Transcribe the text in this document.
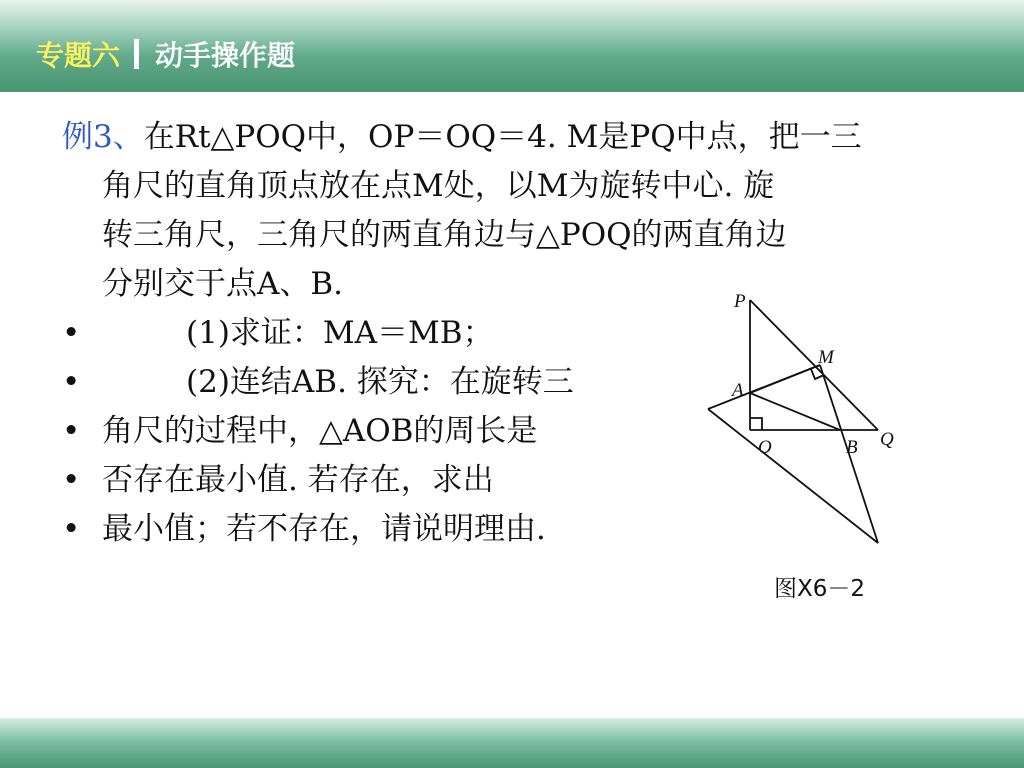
专题六 动手操作题

例3、在Rt△POQ中，OP＝OQ＝4. M是PQ中点，把一三

角尺的直角顶点放在点M处，以M为旋转中心. 旋

转三角尺，三角尺的两直角边与△POQ的两直角边

分别交于点A、B.

•	(1)求证：MA＝MB；
•	(2)连结AB. 探究：在旋转三
• 角尺的过程中，△AOB的周长是
• 否存在最小值. 若存在，求出
• 最小值；若不存在，请说明理由.
P
M
A
O	B Q
图X6－2
